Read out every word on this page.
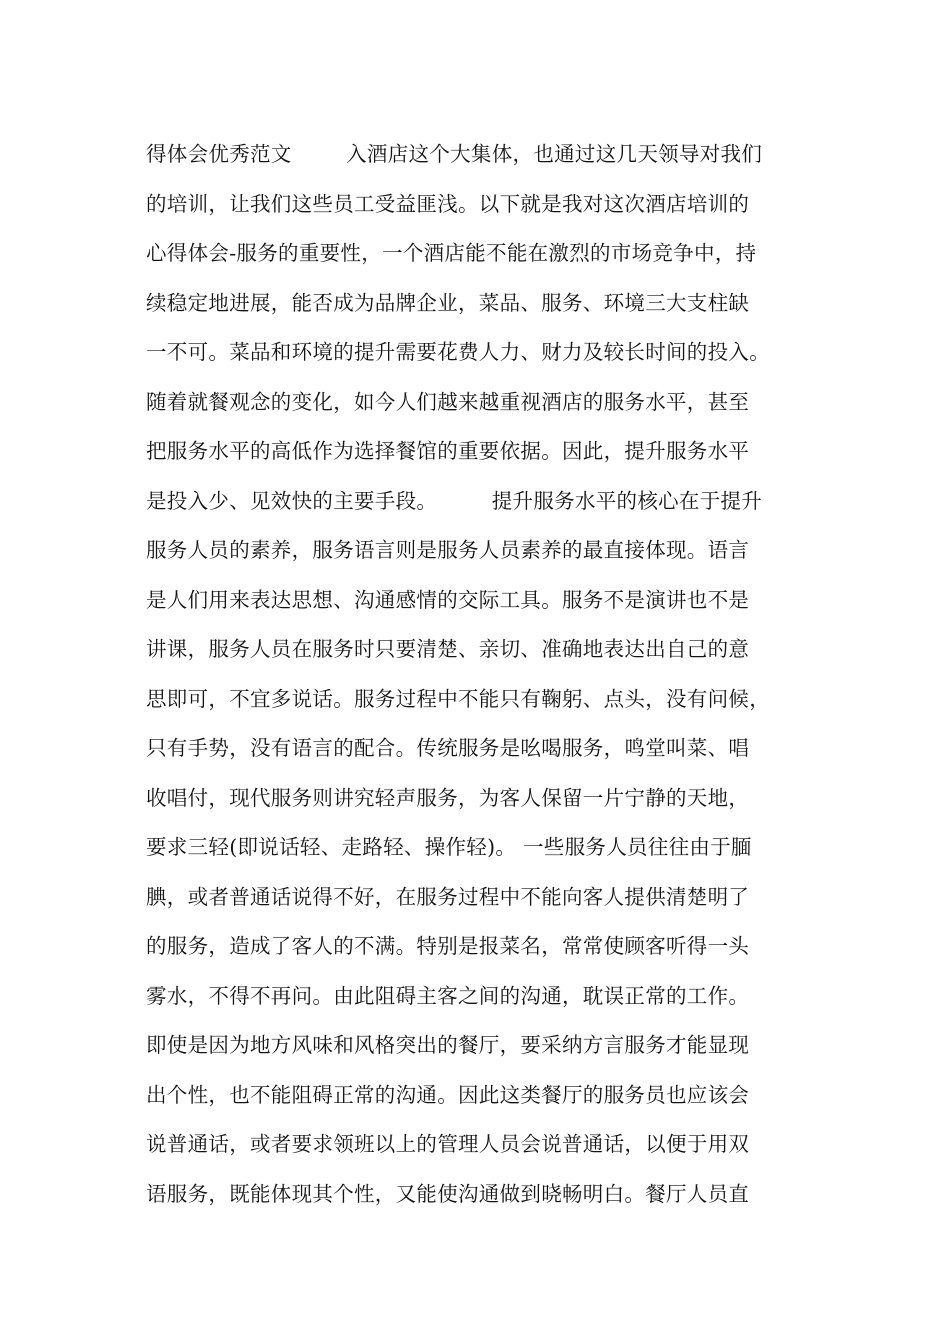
得体会优秀范文        入酒店这个大集体，也通过这几天领导对我们
的培训，让我们这些员工受益匪浅。以下就是我对这次酒店培训的
心得体会-服务的重要性，一个酒店能不能在激烈的市场竞争中，持
续稳定地进展，能否成为品牌企业，菜品、服务、环境三大支柱缺
一不可。菜品和环境的提升需要花费人力、财力及较长时间的投入。
随着就餐观念的变化，如今人们越来越重视酒店的服务水平，甚至
把服务水平的高低作为选择餐馆的重要依据。因此，提升服务水平
是投入少、见效快的主要手段。        提升服务水平的核心在于提升
服务人员的素养，服务语言则是服务人员素养的最直接体现。语言
是人们用来表达思想、沟通感情的交际工具。服务不是演讲也不是
讲课，服务人员在服务时只要清楚、亲切、准确地表达出自己的意
思即可，不宜多说话。服务过程中不能只有鞠躬、点头，没有问候，
只有手势，没有语言的配合。传统服务是吆喝服务，鸣堂叫菜、唱
收唱付，现代服务则讲究轻声服务，为客人保留一片宁静的天地，
要求三轻(即说话轻、走路轻、操作轻)。 一些服务人员往往由于腼
腆，或者普通话说得不好，在服务过程中不能向客人提供清楚明了
的服务，造成了客人的不满。特别是报菜名，常常使顾客听得一头
雾水，不得不再问。由此阻碍主客之间的沟通，耽误正常的工作。
即使是因为地方风味和风格突出的餐厅，要采纳方言服务才能显现
出个性，也不能阻碍正常的沟通。因此这类餐厅的服务员也应该会
说普通话，或者要求领班以上的管理人员会说普通话，以便于用双
语服务，既能体现其个性，又能使沟通做到晓畅明白。餐厅人员直
